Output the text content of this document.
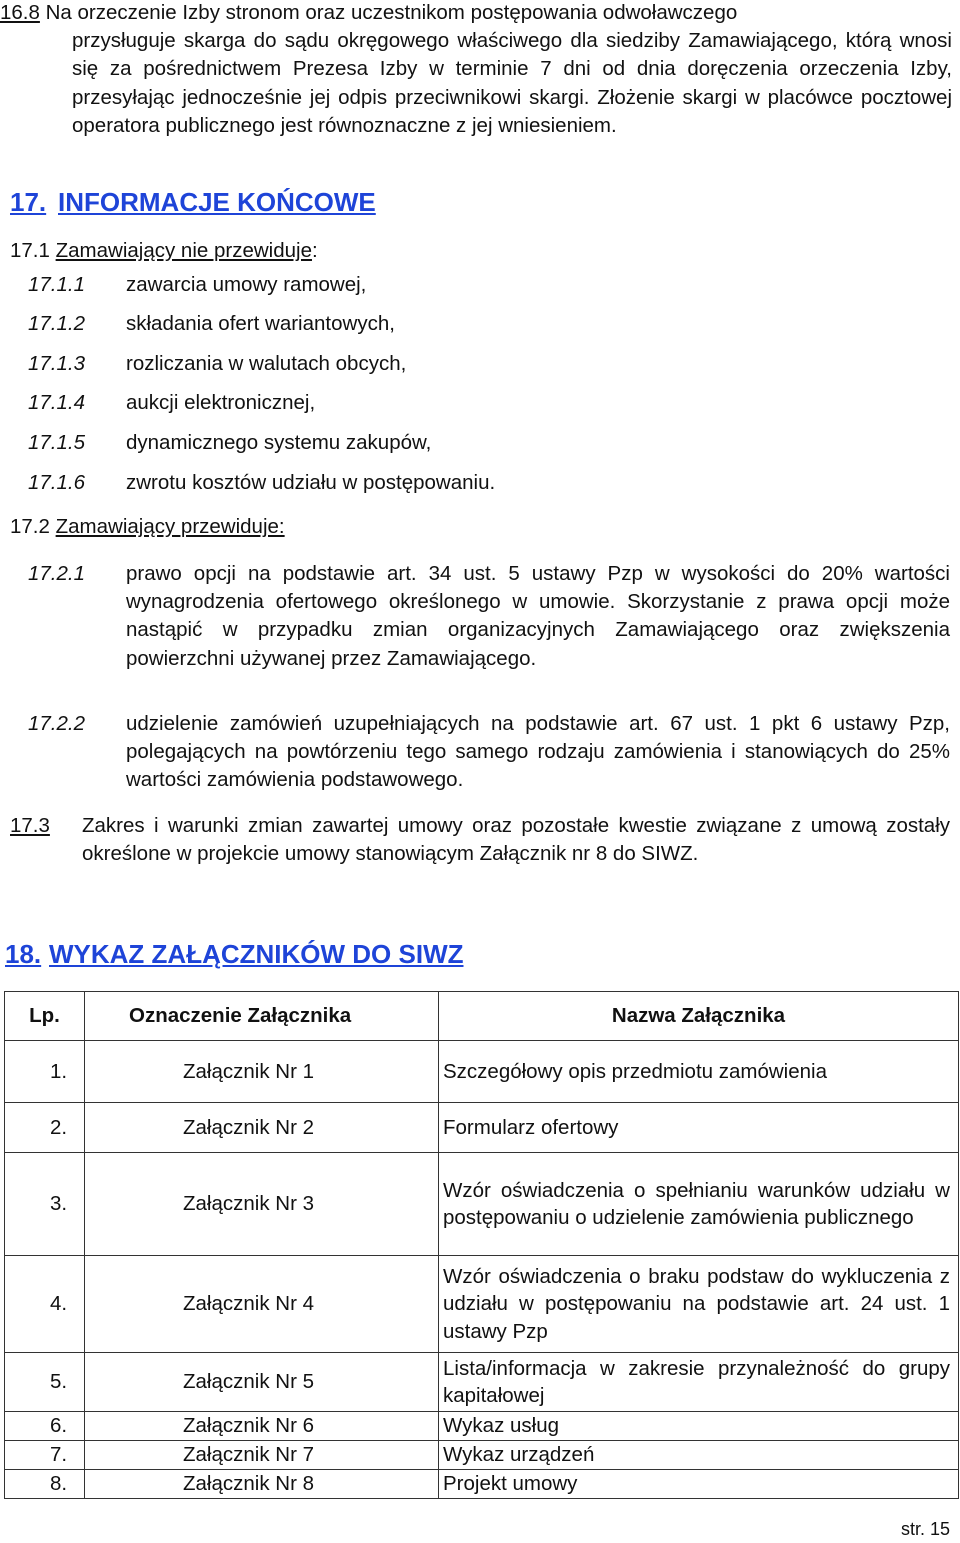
16.8 Na orzeczenie Izby stronom oraz uczestnikom postępowania odwoławczego
przysługuje skarga do sądu okręgowego właściwego dla siedziby Zamawiającego, którą wnosi się za pośrednictwem Prezesa Izby w terminie 7 dni od dnia doręczenia orzeczenia Izby, przesyłając jednocześnie jej odpis przeciwnikowi skargi. Złożenie skargi w placówce pocztowej operatora publicznego jest równoznaczne z jej wniesieniem.
17. INFORMACJE KOŃCOWE
17.1 Zamawiający nie przewiduje:
17.1.1 zawarcia umowy ramowej,
17.1.2 składania ofert wariantowych,
17.1.3 rozliczania w walutach obcych,
17.1.4 aukcji elektronicznej,
17.1.5 dynamicznego systemu zakupów,
17.1.6 zwrotu kosztów udziału w postępowaniu.
17.2 Zamawiający przewiduje:
17.2.1 prawo opcji na podstawie art. 34 ust. 5 ustawy Pzp w wysokości do 20% wartości wynagrodzenia ofertowego określonego w umowie. Skorzystanie z prawa opcji może nastąpić w przypadku zmian organizacyjnych Zamawiającego oraz zwiększenia powierzchni używanej przez Zamawiającego.
17.2.2 udzielenie zamówień uzupełniających na podstawie art. 67 ust. 1 pkt 6 ustawy Pzp, polegających na powtórzeniu tego samego rodzaju zamówienia i stanowiących do 25% wartości zamówienia podstawowego.
17.3 Zakres i warunki zmian zawartej umowy oraz pozostałe kwestie związane z umową zostały określone w projekcie umowy stanowiącym Załącznik nr 8 do SIWZ.
18. WYKAZ ZAŁĄCZNIKÓW DO SIWZ
Lp.	Oznaczenie Załącznika	Nazwa Załącznika
1.	Załącznik Nr 1	Szczegółowy opis przedmiotu zamówienia
2.	Załącznik Nr 2	Formularz ofertowy
3.	Załącznik Nr 3	Wzór oświadczenia o spełnianiu warunków udziału w postępowaniu o udzielenie zamówienia publicznego
4.	Załącznik Nr 4	Wzór oświadczenia o braku podstaw do wykluczenia z udziału w postępowaniu na podstawie art. 24 ust. 1 ustawy Pzp
5.	Załącznik Nr 5	Lista/informacja w zakresie przynależność do grupy kapitałowej
6.	Załącznik Nr 6	Wykaz usług
7.	Załącznik Nr 7	Wykaz urządzeń
8.	Załącznik Nr 8	Projekt umowy
str. 15
